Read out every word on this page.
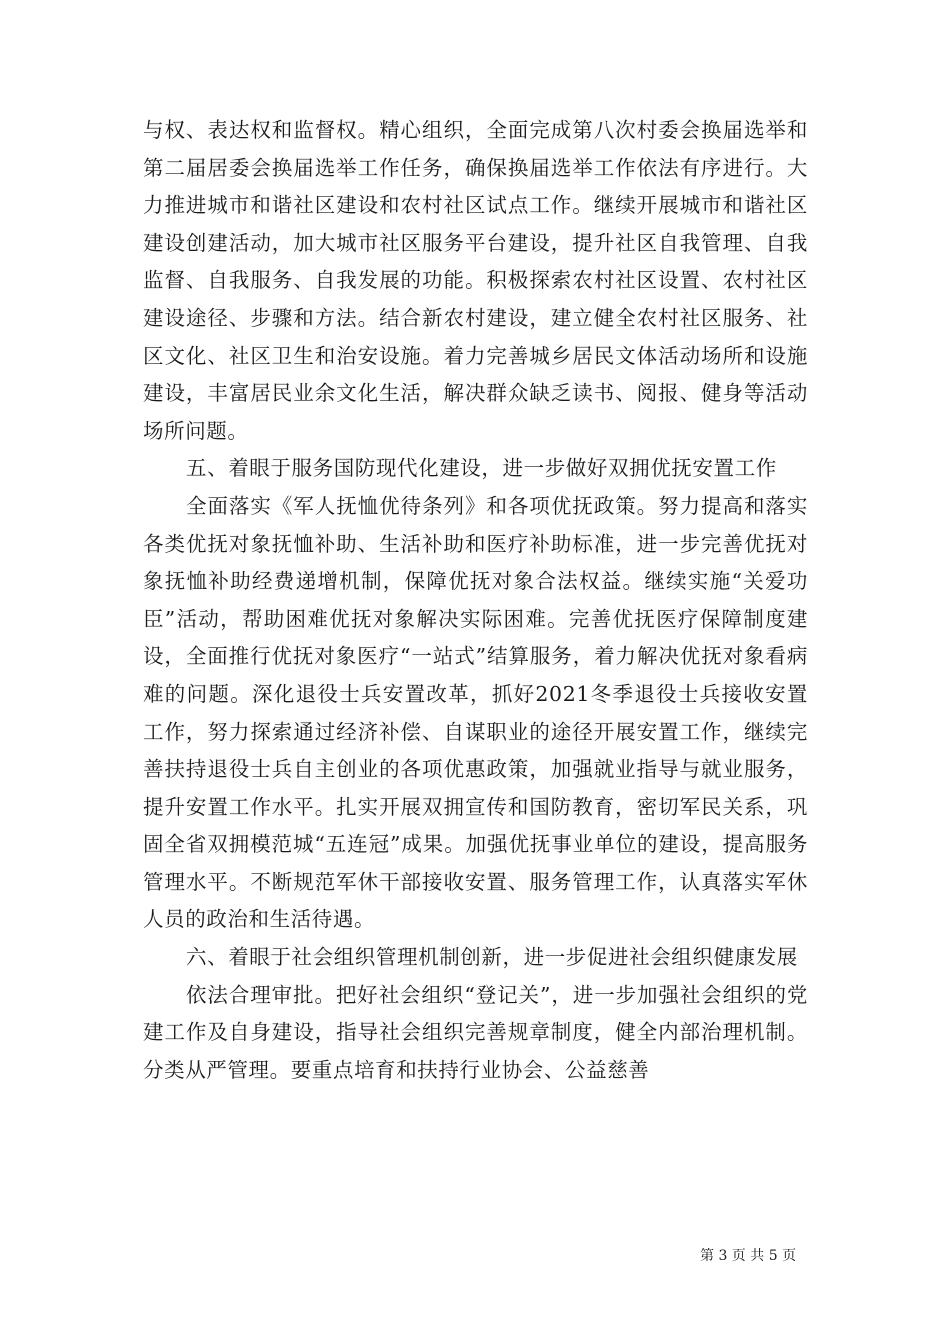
与权、表达权和监督权。精心组织，全面完成第八次村委会换届选举和第二届居委会换届选举工作任务，确保换届选举工作依法有序进行。大力推进城市和谐社区建设和农村社区试点工作。继续开展城市和谐社区建设创建活动，加大城市社区服务平台建设，提升社区自我管理、自我监督、自我服务、自我发展的功能。积极探索农村社区设置、农村社区建设途径、步骤和方法。结合新农村建设，建立健全农村社区服务、社区文化、社区卫生和治安设施。着力完善城乡居民文体活动场所和设施建设，丰富居民业余文化生活，解决群众缺乏读书、阅报、健身等活动场所问题。

五、着眼于服务国防现代化建设，进一步做好双拥优抚安置工作

全面落实《军人抚恤优待条列》和各项优抚政策。努力提高和落实各类优抚对象抚恤补助、生活补助和医疗补助标准，进一步完善优抚对象抚恤补助经费递增机制，保障优抚对象合法权益。继续实施“关爱功臣”活动，帮助困难优抚对象解决实际困难。完善优抚医疗保障制度建设，全面推行优抚对象医疗“一站式”结算服务，着力解决优抚对象看病难的问题。深化退役士兵安置改革，抓好2021冬季退役士兵接收安置工作，努力探索通过经济补偿、自谋职业的途径开展安置工作，继续完善扶持退役士兵自主创业的各项优惠政策，加强就业指导与就业服务，提升安置工作水平。扎实开展双拥宣传和国防教育，密切军民关系，巩固全省双拥模范城“五连冠”成果。加强优抚事业单位的建设，提高服务管理水平。不断规范军休干部接收安置、服务管理工作，认真落实军休人员的政治和生活待遇。

六、着眼于社会组织管理机制创新，进一步促进社会组织健康发展

依法合理审批。把好社会组织“登记关”，进一步加强社会组织的党建工作及自身建设，指导社会组织完善规章制度，健全内部治理机制。分类从严管理。要重点培育和扶持行业协会、公益慈善

第 3 页 共 5 页
